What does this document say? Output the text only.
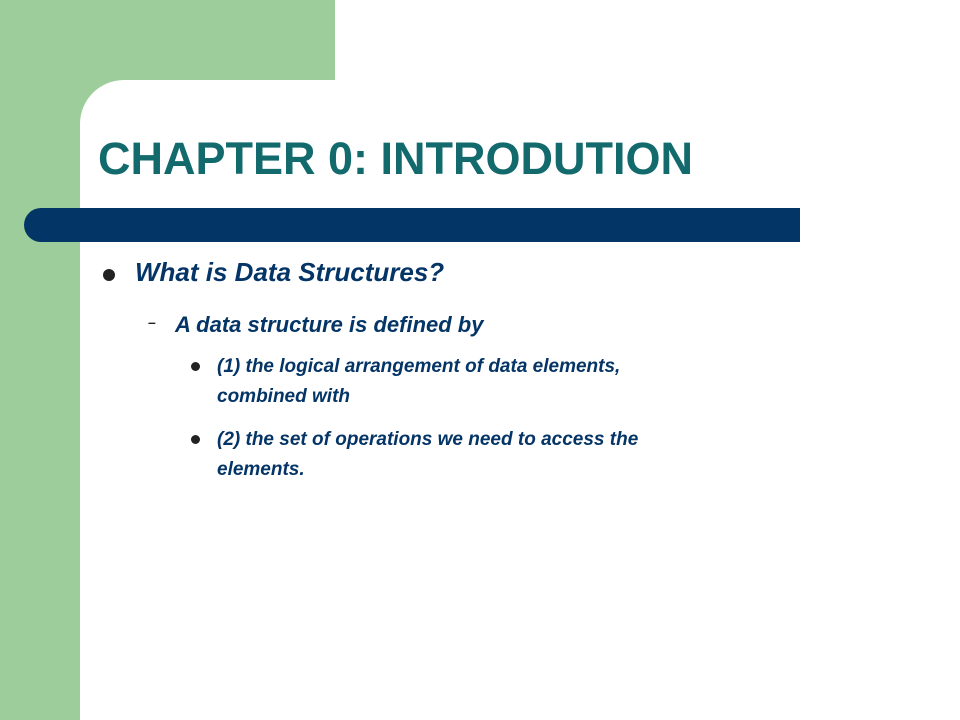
CHAPTER 0: INTRODUTION
What is Data Structures?
– A data structure is defined by
(1) the logical arrangement of data elements,
combined with
(2) the set of operations we need to access the
elements.
